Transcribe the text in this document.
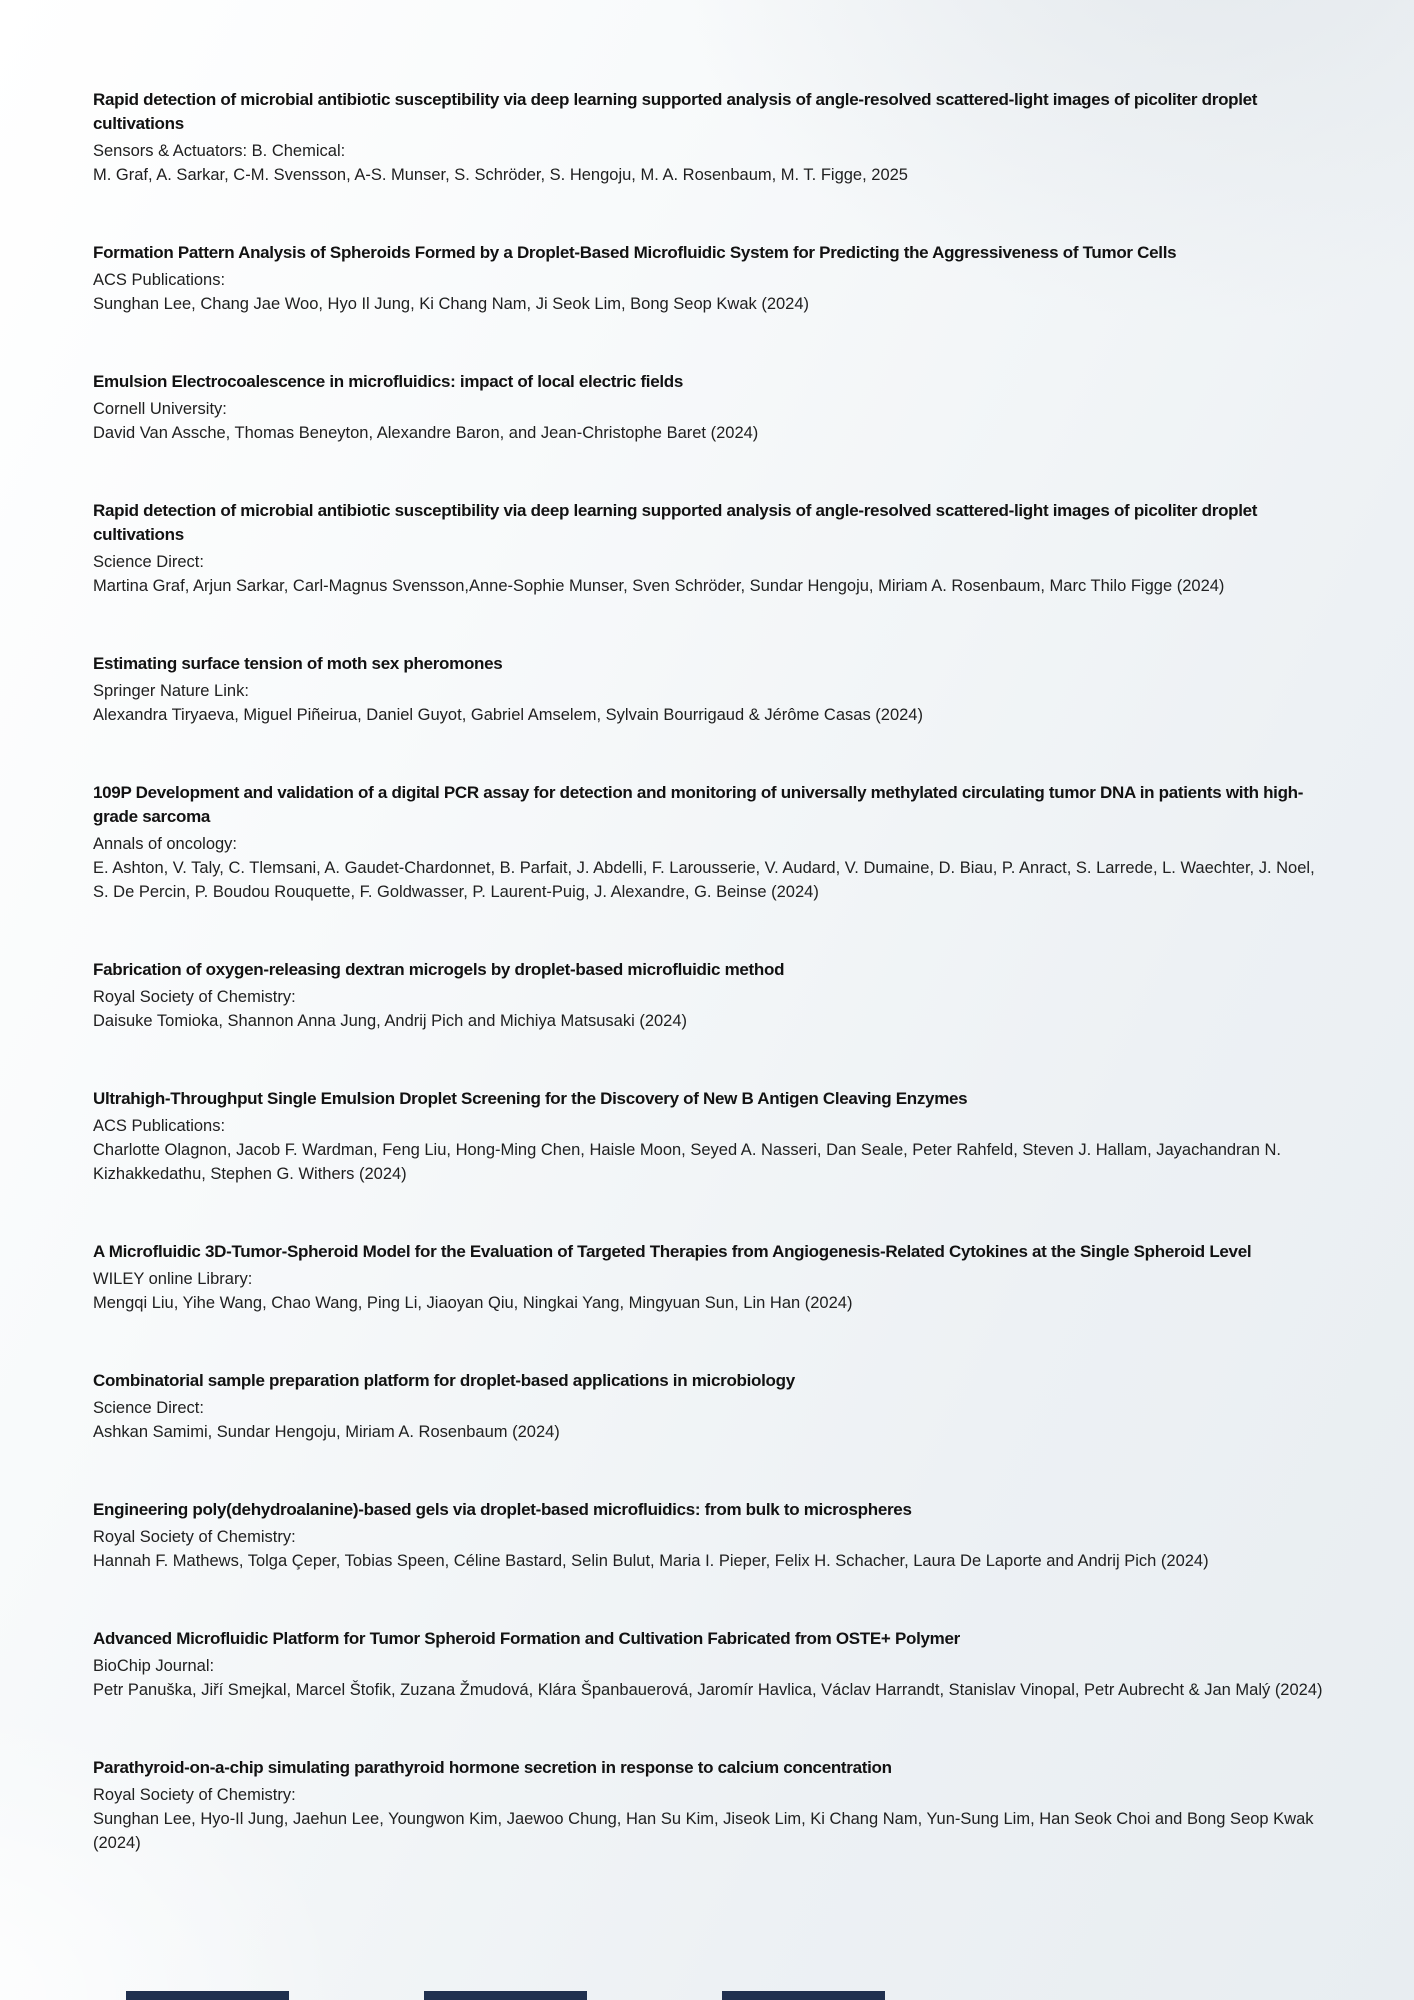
Rapid detection of microbial antibiotic susceptibility via deep learning supported analysis of angle-resolved scattered-light images of picoliter droplet cultivations
Sensors & Actuators: B. Chemical:
M. Graf, A. Sarkar, C-M. Svensson, A-S. Munser, S. Schröder, S. Hengoju, M. A. Rosenbaum, M. T. Figge, 2025
Formation Pattern Analysis of Spheroids Formed by a Droplet-Based Microfluidic System for Predicting the Aggressiveness of Tumor Cells
ACS Publications:
Sunghan Lee, Chang Jae Woo, Hyo Il Jung, Ki Chang Nam, Ji Seok Lim, Bong Seop Kwak (2024)
Emulsion Electrocoalescence in microfluidics: impact of local electric fields
Cornell University:
David Van Assche, Thomas Beneyton, Alexandre Baron, and Jean-Christophe Baret (2024)
Rapid detection of microbial antibiotic susceptibility via deep learning supported analysis of angle-resolved scattered-light images of picoliter droplet cultivations
Science Direct:
Martina Graf, Arjun Sarkar, Carl-Magnus Svensson,Anne-Sophie Munser, Sven Schröder, Sundar Hengoju, Miriam A. Rosenbaum, Marc Thilo Figge (2024)
Estimating surface tension of moth sex pheromones
Springer Nature Link:
Alexandra Tiryaeva, Miguel Piñeirua, Daniel Guyot, Gabriel Amselem, Sylvain Bourrigaud & Jérôme Casas (2024)
109P Development and validation of a digital PCR assay for detection and monitoring of universally methylated circulating tumor DNA in patients with high-grade sarcoma
Annals of oncology:
E. Ashton, V. Taly, C. Tlemsani, A. Gaudet-Chardonnet, B. Parfait, J. Abdelli, F. Larousserie, V. Audard, V. Dumaine, D. Biau, P. Anract, S. Larrede, L. Waechter, J. Noel, S. De Percin, P. Boudou Rouquette, F. Goldwasser, P. Laurent-Puig, J. Alexandre, G. Beinse (2024)
Fabrication of oxygen-releasing dextran microgels by droplet-based microfluidic method
Royal Society of Chemistry:
Daisuke Tomioka, Shannon Anna Jung, Andrij Pich and Michiya Matsusaki (2024)
Ultrahigh-Throughput Single Emulsion Droplet Screening for the Discovery of New B Antigen Cleaving Enzymes
ACS Publications:
Charlotte Olagnon, Jacob F. Wardman, Feng Liu, Hong-Ming Chen, Haisle Moon, Seyed A. Nasseri, Dan Seale, Peter Rahfeld, Steven J. Hallam, Jayachandran N. Kizhakkedathu, Stephen G. Withers (2024)
A Microfluidic 3D-Tumor-Spheroid Model for the Evaluation of Targeted Therapies from Angiogenesis-Related Cytokines at the Single Spheroid Level
WILEY online Library:
Mengqi Liu, Yihe Wang, Chao Wang, Ping Li, Jiaoyan Qiu, Ningkai Yang, Mingyuan Sun, Lin Han (2024)
Combinatorial sample preparation platform for droplet-based applications in microbiology
Science Direct:
Ashkan Samimi, Sundar Hengoju, Miriam A. Rosenbaum (2024)
Engineering poly(dehydroalanine)-based gels via droplet-based microfluidics: from bulk to microspheres
Royal Society of Chemistry:
Hannah F. Mathews, Tolga Çeper, Tobias Speen, Céline Bastard, Selin Bulut, Maria I. Pieper, Felix H. Schacher, Laura De Laporte and Andrij Pich (2024)
Advanced Microfluidic Platform for Tumor Spheroid Formation and Cultivation Fabricated from OSTE+ Polymer
BioChip Journal:
Petr Panuška, Jiří Smejkal, Marcel Štofik, Zuzana Žmudová, Klára Španbauerová, Jaromír Havlica, Václav Harrandt, Stanislav Vinopal, Petr Aubrecht & Jan Malý (2024)
Parathyroid-on-a-chip simulating parathyroid hormone secretion in response to calcium concentration
Royal Society of Chemistry:
Sunghan Lee, Hyo-Il Jung, Jaehun Lee, Youngwon Kim, Jaewoo Chung, Han Su Kim, Jiseok Lim, Ki Chang Nam, Yun-Sung Lim, Han Seok Choi and Bong Seop Kwak (2024)
